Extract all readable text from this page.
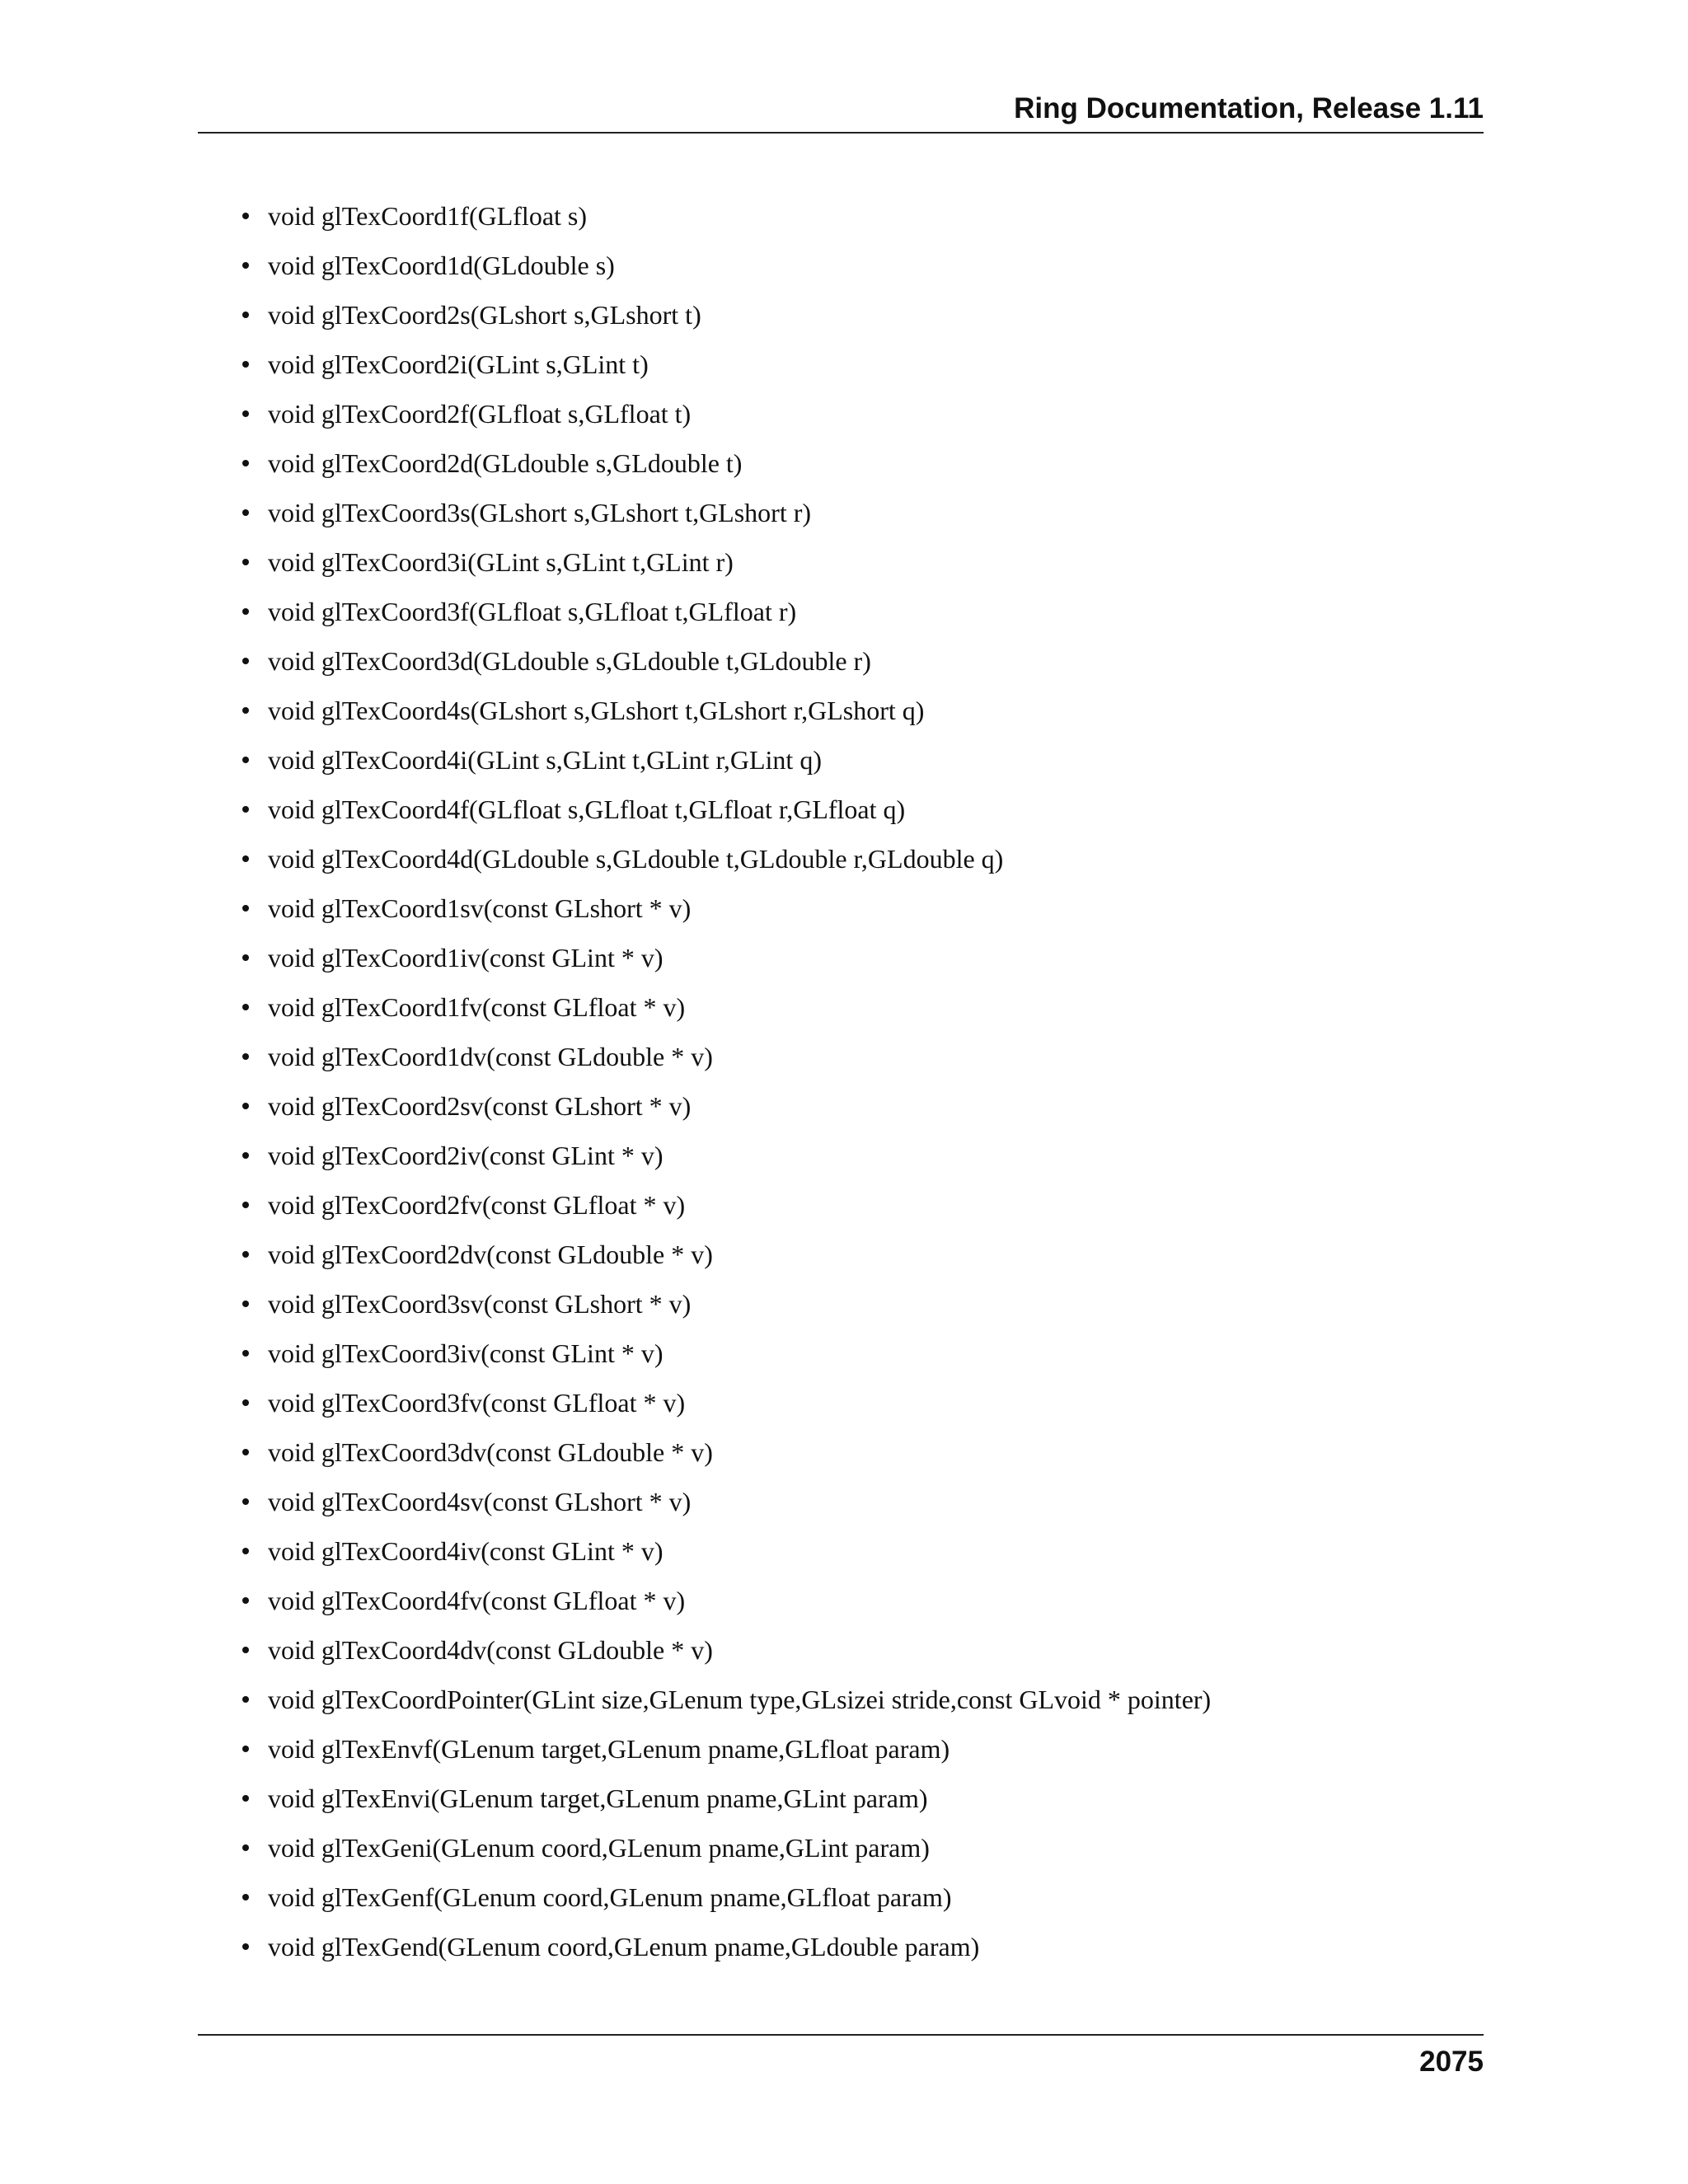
Ring Documentation, Release 1.11
void glTexCoord1f(GLfloat s)
void glTexCoord1d(GLdouble s)
void glTexCoord2s(GLshort s,GLshort t)
void glTexCoord2i(GLint s,GLint t)
void glTexCoord2f(GLfloat s,GLfloat t)
void glTexCoord2d(GLdouble s,GLdouble t)
void glTexCoord3s(GLshort s,GLshort t,GLshort r)
void glTexCoord3i(GLint s,GLint t,GLint r)
void glTexCoord3f(GLfloat s,GLfloat t,GLfloat r)
void glTexCoord3d(GLdouble s,GLdouble t,GLdouble r)
void glTexCoord4s(GLshort s,GLshort t,GLshort r,GLshort q)
void glTexCoord4i(GLint s,GLint t,GLint r,GLint q)
void glTexCoord4f(GLfloat s,GLfloat t,GLfloat r,GLfloat q)
void glTexCoord4d(GLdouble s,GLdouble t,GLdouble r,GLdouble q)
void glTexCoord1sv(const GLshort * v)
void glTexCoord1iv(const GLint * v)
void glTexCoord1fv(const GLfloat * v)
void glTexCoord1dv(const GLdouble * v)
void glTexCoord2sv(const GLshort * v)
void glTexCoord2iv(const GLint * v)
void glTexCoord2fv(const GLfloat * v)
void glTexCoord2dv(const GLdouble * v)
void glTexCoord3sv(const GLshort * v)
void glTexCoord3iv(const GLint * v)
void glTexCoord3fv(const GLfloat * v)
void glTexCoord3dv(const GLdouble * v)
void glTexCoord4sv(const GLshort * v)
void glTexCoord4iv(const GLint * v)
void glTexCoord4fv(const GLfloat * v)
void glTexCoord4dv(const GLdouble * v)
void glTexCoordPointer(GLint size,GLenum type,GLsizei stride,const GLvoid * pointer)
void glTexEnvf(GLenum target,GLenum pname,GLfloat param)
void glTexEnvi(GLenum target,GLenum pname,GLint param)
void glTexGeni(GLenum coord,GLenum pname,GLint param)
void glTexGenf(GLenum coord,GLenum pname,GLfloat param)
void glTexGend(GLenum coord,GLenum pname,GLdouble param)
2075
